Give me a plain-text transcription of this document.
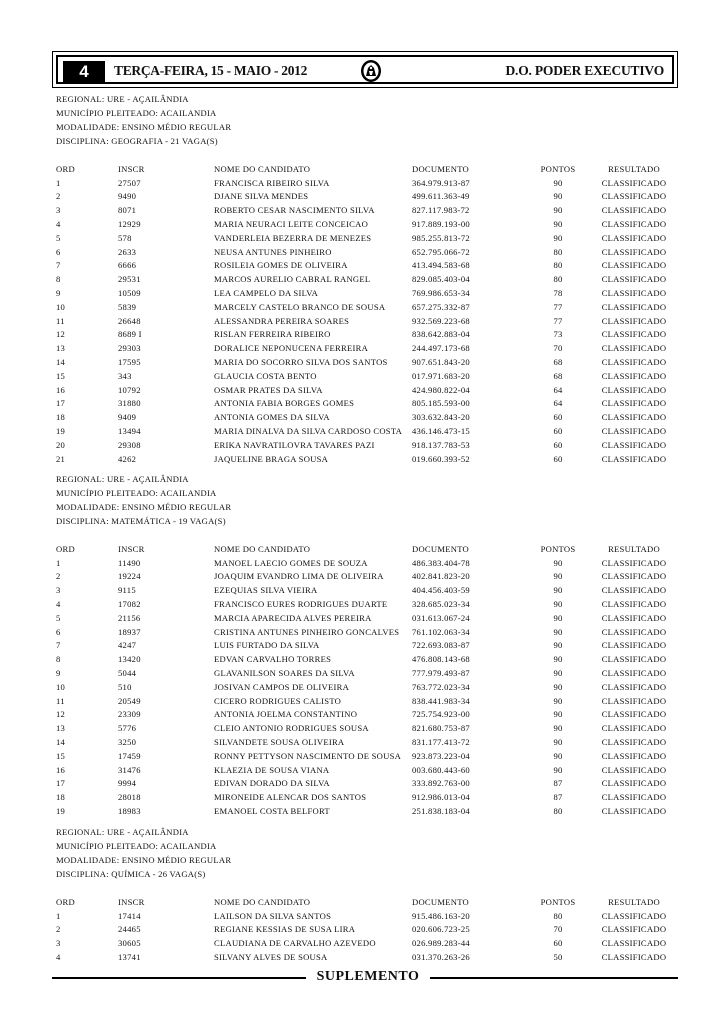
4	TERÇA-FEIRA, 15 - MAIO - 2012	D.O. PODER EXECUTIVO
REGIONAL: URE - AÇAILÂNDIA
MUNICÍPIO PLEITEADO: ACAILANDIA
MODALIDADE: ENSINO MÉDIO REGULAR
DISCIPLINA: GEOGRAFIA - 21 VAGA(S)
ORD	INSCR	NOME DO CANDIDATO	DOCUMENTO	PONTOS	RESULTADO
1	27507	FRANCISCA RIBEIRO SILVA	364.979.913-87	90	CLASSIFICADO
2	9490	DJANE SILVA MENDES	499.611.363-49	90	CLASSIFICADO
3	8071	ROBERTO CESAR NASCIMENTO SILVA	827.117.983-72	90	CLASSIFICADO
4	12929	MARIA NEURACI LEITE CONCEICAO	917.889.193-00	90	CLASSIFICADO
5	578	VANDERLEIA BEZERRA DE MENEZES	985.255.813-72	90	CLASSIFICADO
6	2633	NEUSA ANTUNES PINHEIRO	652.795.066-72	80	CLASSIFICADO
7	6666	ROSILEIA GOMES DE OLIVEIRA	413.494.583-68	80	CLASSIFICADO
8	29531	MARCOS AURELIO CABRAL RANGEL	829.085.403-04	80	CLASSIFICADO
9	10509	LEA CAMPELO DA SILVA	769.986.653-34	78	CLASSIFICADO
10	5839	MARCELY CASTELO BRANCO DE SOUSA	657.275.332-87	77	CLASSIFICADO
11	26648	ALESSANDRA PEREIRA SOARES	932.569.223-68	77	CLASSIFICADO
12	8689 I	RISLAN FERREIRA RIBEIRO	838.642.883-04	73	CLASSIFICADO
13	29303	DORALICE NEPONUCENA FERREIRA	244.497.173-68	70	CLASSIFICADO
14	17595	MARIA DO SOCORRO SILVA DOS SANTOS	907.651.843-20	68	CLASSIFICADO
15	343	GLAUCIA COSTA BENTO	017.971.683-20	68	CLASSIFICADO
16	10792	OSMAR PRATES DA SILVA	424.980.822-04	64	CLASSIFICADO
17	31880	ANTONIA FABIA BORGES GOMES	805.185.593-00	64	CLASSIFICADO
18	9409	ANTONIA GOMES DA SILVA	303.632.843-20	60	CLASSIFICADO
19	13494	MARIA DINALVA DA SILVA CARDOSO COSTA	436.146.473-15	60	CLASSIFICADO
20	29308	ERIKA NAVRATILOVRA TAVARES PAZI	918.137.783-53	60	CLASSIFICADO
21	4262	JAQUELINE BRAGA SOUSA	019.660.393-52	60	CLASSIFICADO
REGIONAL: URE - AÇAILÂNDIA
MUNICÍPIO PLEITEADO: ACAILANDIA
MODALIDADE: ENSINO MÉDIO REGULAR
DISCIPLINA: MATEMÁTICA - 19 VAGA(S)
ORD	INSCR	NOME DO CANDIDATO	DOCUMENTO	PONTOS	RESULTADO
1	11490	MANOEL LAECIO GOMES DE SOUZA	486.383.404-78	90	CLASSIFICADO
2	19224	JOAQUIM EVANDRO LIMA DE OLIVEIRA	402.841.823-20	90	CLASSIFICADO
3	9115	EZEQUIAS SILVA VIEIRA	404.456.403-59	90	CLASSIFICADO
4	17082	FRANCISCO EURES RODRIGUES DUARTE	328.685.023-34	90	CLASSIFICADO
5	21156	MARCIA APARECIDA ALVES PEREIRA	031.613.067-24	90	CLASSIFICADO
6	18937	CRISTINA ANTUNES PINHEIRO GONCALVES	761.102.063-34	90	CLASSIFICADO
7	4247	LUIS FURTADO DA SILVA	722.693.083-87	90	CLASSIFICADO
8	13420	EDVAN CARVALHO TORRES	476.808.143-68	90	CLASSIFICADO
9	5044	GLAVANILSON SOARES DA SILVA	777.979.493-87	90	CLASSIFICADO
10	510	JOSIVAN CAMPOS DE OLIVEIRA	763.772.023-34	90	CLASSIFICADO
11	20549	CICERO RODRIGUES CALISTO	838.441.983-34	90	CLASSIFICADO
12	23309	ANTONIA JOELMA CONSTANTINO	725.754.923-00	90	CLASSIFICADO
13	5776	CLEIO ANTONIO RODRIGUES SOUSA	821.680.753-87	90	CLASSIFICADO
14	3250	SILVANDETE SOUSA OLIVEIRA	831.177.413-72	90	CLASSIFICADO
15	17459	RONNY PETTYSON NASCIMENTO DE SOUSA	923.873.223-04	90	CLASSIFICADO
16	31476	KLAEZIA DE SOUSA VIANA	003.680.443-60	90	CLASSIFICADO
17	9994	EDIVAN DORADO DA SILVA	333.892.763-00	87	CLASSIFICADO
18	28018	MIRONEIDE ALENCAR DOS SANTOS	912.986.013-04	87	CLASSIFICADO
19	18983	EMANOEL COSTA BELFORT	251.838.183-04	80	CLASSIFICADO
REGIONAL: URE - AÇAILÂNDIA
MUNICÍPIO PLEITEADO: ACAILANDIA
MODALIDADE: ENSINO MÉDIO REGULAR
DISCIPLINA: QUÍMICA - 26 VAGA(S)
ORD	INSCR	NOME DO CANDIDATO	DOCUMENTO	PONTOS	RESULTADO
1	17414	LAILSON DA SILVA SANTOS	915.486.163-20	80	CLASSIFICADO
2	24465	REGIANE KESSIAS DE SUSA LIRA	020.606.723-25	70	CLASSIFICADO
3	30605	CLAUDIANA DE CARVALHO AZEVEDO	026.989.283-44	60	CLASSIFICADO
4	13741	SILVANY ALVES DE SOUSA	031.370.263-26	50	CLASSIFICADO
SUPLEMENTO
